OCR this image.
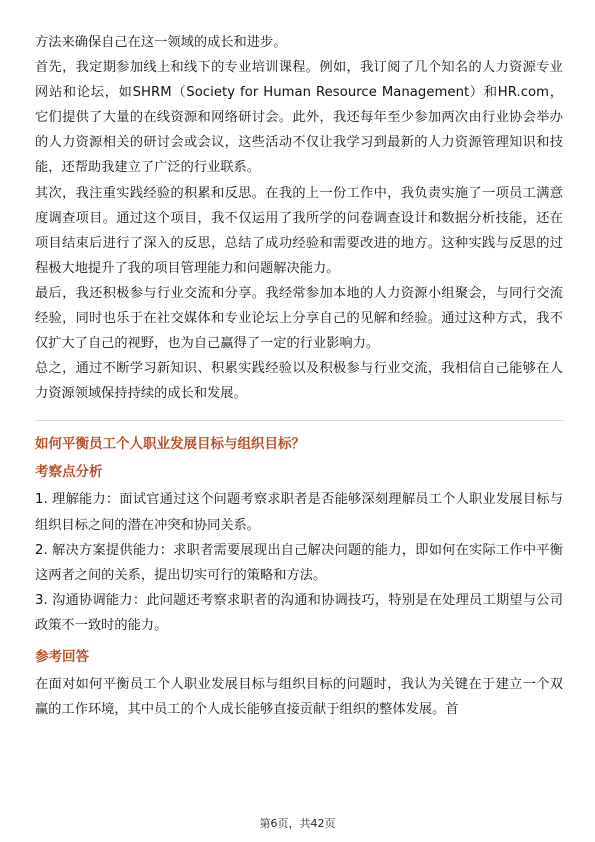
方法来确保自己在这一领域的成长和进步。

首先，我定期参加线上和线下的专业培训课程。例如，我订阅了几个知名的人力资源专业网站和论坛，如SHRM（Society for Human Resource Management）和HR.com，它们提供了大量的在线资源和网络研讨会。此外，我还每年至少参加两次由行业协会举办的人力资源相关的研讨会或会议，这些活动不仅让我学习到最新的人力资源管理知识和技能，还帮助我建立了广泛的行业联系。

其次，我注重实践经验的积累和反思。在我的上一份工作中，我负责实施了一项员工满意度调查项目。通过这个项目，我不仅运用了我所学的问卷调查设计和数据分析技能，还在项目结束后进行了深入的反思，总结了成功经验和需要改进的地方。这种实践与反思的过程极大地提升了我的项目管理能力和问题解决能力。

最后，我还积极参与行业交流和分享。我经常参加本地的人力资源小组聚会，与同行交流经验，同时也乐于在社交媒体和专业论坛上分享自己的见解和经验。通过这种方式，我不仅扩大了自己的视野，也为自己赢得了一定的行业影响力。

总之，通过不断学习新知识、积累实践经验以及积极参与行业交流，我相信自己能够在人力资源领域保持持续的成长和发展。

如何平衡员工个人职业发展目标与组织目标？
考察点分析

1. 理解能力：面试官通过这个问题考察求职者是否能够深刻理解员工个人职业发展目标与组织目标之间的潜在冲突和协同关系。

2. 解决方案提供能力：求职者需要展现出自己解决问题的能力，即如何在实际工作中平衡这两者之间的关系，提出切实可行的策略和方法。

3. 沟通协调能力：此问题还考察求职者的沟通和协调技巧，特别是在处理员工期望与公司政策不一致时的能力。

参考回答

在面对如何平衡员工个人职业发展目标与组织目标的问题时，我认为关键在于建立一个双赢的工作环境，其中员工的个人成长能够直接贡献于组织的整体发展。首

第6页，共42页
